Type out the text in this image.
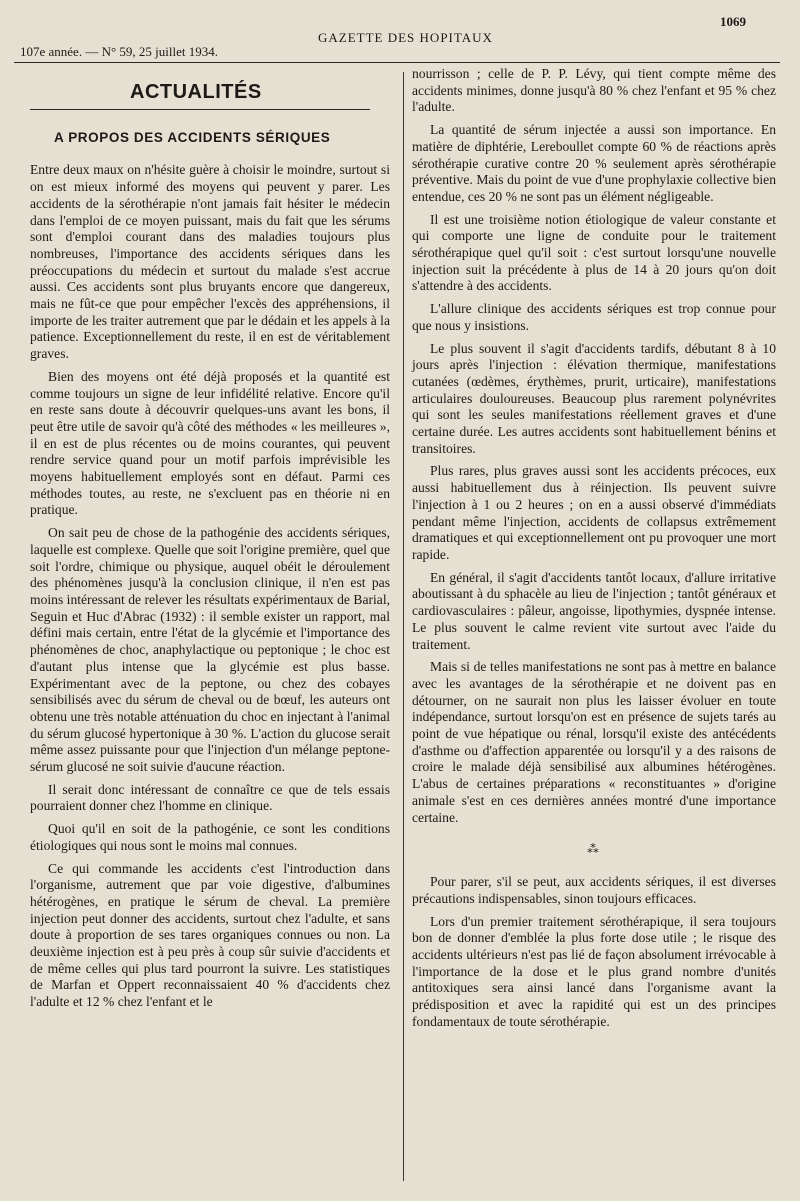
1069
107e année. — N° 59, 25 juillet 1934.
GAZETTE DES HOPITAUX
ACTUALITÉS
A PROPOS DES ACCIDENTS SÉRIQUES

Entre deux maux on n'hésite guère à choisir le moindre, surtout si on est mieux informé des moyens qui peuvent y parer. Les accidents de la sérothérapie n'ont jamais fait hésiter le médecin dans l'emploi de ce moyen puissant, mais du fait que les sérums sont d'emploi courant dans des maladies toujours plus nombreuses, l'importance des accidents sériques dans les préoccupations du médecin et surtout du malade s'est accrue aussi. Ces accidents sont plus bruyants encore que dangereux, mais ne fût-ce que pour empêcher l'excès des appréhensions, il importe de les traiter autrement que par le dédain et les appels à la patience. Exceptionnellement du reste, il en est de véritablement graves.

Bien des moyens ont été déjà proposés et la quantité est comme toujours un signe de leur infidélité relative. Encore qu'il en reste sans doute à découvrir quelques-uns avant les bons, il peut être utile de savoir qu'à côté des méthodes « les meilleures », il en est de plus récentes ou de moins courantes, qui peuvent rendre service quand pour un motif parfois imprévisible les moyens habituellement employés sont en défaut. Parmi ces méthodes toutes, au reste, ne s'excluent pas en théorie ni en pratique.

On sait peu de chose de la pathogénie des accidents sériques, laquelle est complexe. Quelle que soit l'origine première, quel que soit l'ordre, chimique ou physique, auquel obéit le déroulement des phénomènes jusqu'à la conclusion clinique, il n'en est pas moins intéressant de relever les résultats expérimentaux de Barial, Seguin et Huc d'Abrac (1932) : il semble exister un rapport, mal défini mais certain, entre l'état de la glycémie et l'importance des phénomènes de choc, anaphylactique ou peptonique ; le choc est d'autant plus intense que la glycémie est plus basse. Expérimentant avec de la peptone, ou chez des cobayes sensibilisés avec du sérum de cheval ou de bœuf, les auteurs ont obtenu une très notable atténuation du choc en injectant à l'animal du sérum glucosé hypertonique à 30 %. L'action du glucose serait même assez puissante pour que l'injection d'un mélange peptone-sérum glucosé ne soit suivie d'aucune réaction.

Il serait donc intéressant de connaître ce que de tels essais pourraient donner chez l'homme en clinique.

Quoi qu'il en soit de la pathogénie, ce sont les conditions étiologiques qui nous sont le moins mal connues.

Ce qui commande les accidents c'est l'introduction dans l'organisme, autrement que par voie digestive, d'albumines hétérogènes, en pratique le sérum de cheval. La première injection peut donner des accidents, surtout chez l'adulte, et sans doute à proportion de ses tares organiques connues ou non. La deuxième injection est à peu près à coup sûr suivie d'accidents et de même celles qui plus tard pourront la suivre. Les statistiques de Marfan et Oppert reconnaissaient 40 % d'accidents chez l'adulte et 12 % chez l'enfant et le

nourrisson ; celle de P. P. Lévy, qui tient compte même des accidents minimes, donne jusqu'à 80 % chez l'enfant et 95 % chez l'adulte.

La quantité de sérum injectée a aussi son importance. En matière de diphtérie, Lereboullet compte 60 % de réactions après sérothérapie curative contre 20 % seulement après sérothérapie préventive. Mais du point de vue d'une prophylaxie collective bien entendue, ces 20 % ne sont pas un élément négligeable.

Il est une troisième notion étiologique de valeur constante et qui comporte une ligne de conduite pour le traitement sérothérapique quel qu'il soit : c'est surtout lorsqu'une nouvelle injection suit la précédente à plus de 14 à 20 jours qu'on doit s'attendre à des accidents.

L'allure clinique des accidents sériques est trop connue pour que nous y insistions.

Le plus souvent il s'agit d'accidents tardifs, débutant 8 à 10 jours après l'injection : élévation thermique, manifestations cutanées (œdèmes, érythèmes, prurit, urticaire), manifestations articulaires douloureuses. Beaucoup plus rarement polynévrites qui sont les seules manifestations réellement graves et d'une certaine durée. Les autres accidents sont habituellement bénins et transitoires.

Plus rares, plus graves aussi sont les accidents précoces, eux aussi habituellement dus à réinjection. Ils peuvent suivre l'injection à 1 ou 2 heures ; on en a aussi observé d'immédiats pendant même l'injection, accidents de collapsus extrêmement dramatiques et qui exceptionnellement ont pu provoquer une mort rapide.

En général, il s'agit d'accidents tantôt locaux, d'allure irritative aboutissant à du sphacèle au lieu de l'injection ; tantôt généraux et cardiovasculaires : pâleur, angoisse, lipothymies, dyspnée intense. Le plus souvent le calme revient vite surtout avec l'aide du traitement.

Mais si de telles manifestations ne sont pas à mettre en balance avec les avantages de la sérothérapie et ne doivent pas en détourner, on ne saurait non plus les laisser évoluer en toute indépendance, surtout lorsqu'on est en présence de sujets tarés au point de vue hépatique ou rénal, lorsqu'il existe des antécédents d'asthme ou d'affection apparentée ou lorsqu'il y a des raisons de croire le malade déjà sensibilisé aux albumines hétérogènes. L'abus de certaines préparations « reconstituantes » d'origine animale s'est en ces dernières années montré d'une importance certaine.

⁂

Pour parer, s'il se peut, aux accidents sériques, il est diverses précautions indispensables, sinon toujours efficaces.

Lors d'un premier traitement sérothérapique, il sera toujours bon de donner d'emblée la plus forte dose utile ; le risque des accidents ultérieurs n'est pas lié de façon absolument irrévocable à l'importance de la dose et le plus grand nombre d'unités antitoxiques sera ainsi lancé dans l'organisme avant la prédisposition et avec la rapidité qui est un des principes fondamentaux de toute sérothérapie.
